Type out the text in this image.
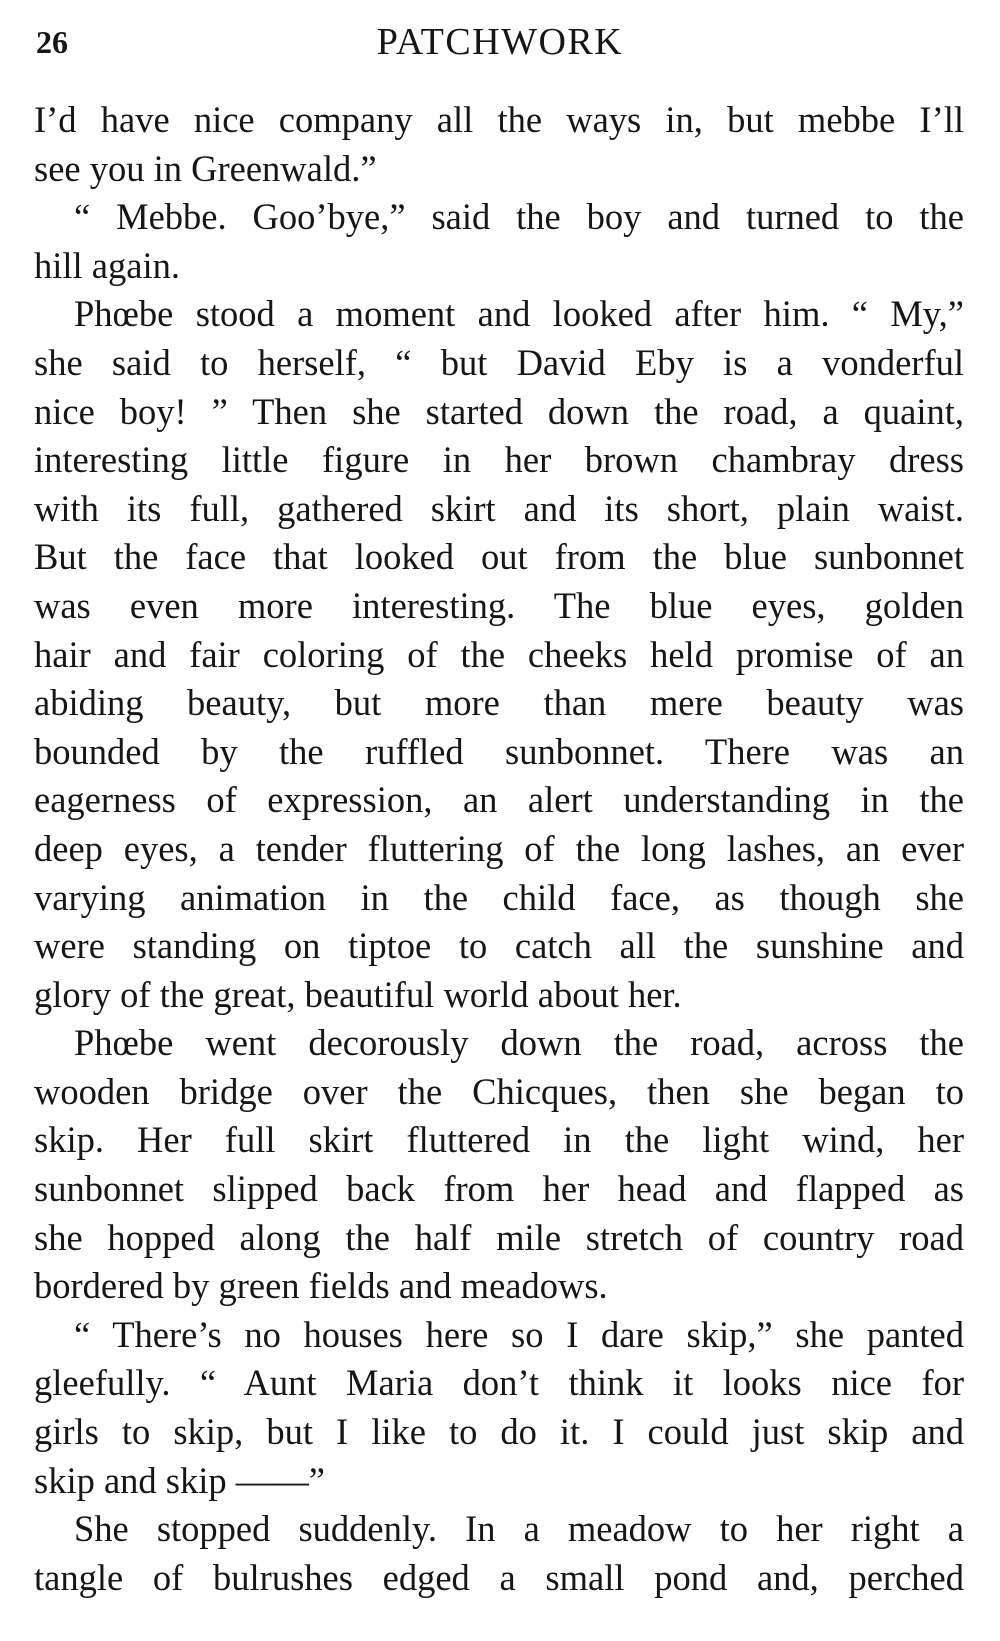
26	PATCHWORK
I’d have nice company all the ways in, but mebbe I’ll
see you in Greenwald.”
“ Mebbe. Goo’bye,” said the boy and turned to the
hill again.
Phœbe stood a moment and looked after him. “ My,”
she said to herself, “ but David Eby is a vonderful
nice boy! ” Then she started down the road, a quaint,
interesting little figure in her brown chambray dress
with its full, gathered skirt and its short, plain waist.
But the face that looked out from the blue sunbonnet
was even more interesting. The blue eyes, golden
hair and fair coloring of the cheeks held promise of an
abiding beauty, but more than mere beauty was
bounded by the ruffled sunbonnet. There was an
eagerness of expression, an alert understanding in the
deep eyes, a tender fluttering of the long lashes, an ever
varying animation in the child face, as though she
were standing on tiptoe to catch all the sunshine and
glory of the great, beautiful world about her.
Phœbe went decorously down the road, across the
wooden bridge over the Chicques, then she began to
skip. Her full skirt fluttered in the light wind, her
sunbonnet slipped back from her head and flapped as
she hopped along the half mile stretch of country road
bordered by green fields and meadows.
“ There’s no houses here so I dare skip,” she panted
gleefully. “ Aunt Maria don’t think it looks nice for
girls to skip, but I like to do it. I could just skip and
skip and skip ——”
She stopped suddenly. In a meadow to her right a
tangle of bulrushes edged a small pond and, perched
